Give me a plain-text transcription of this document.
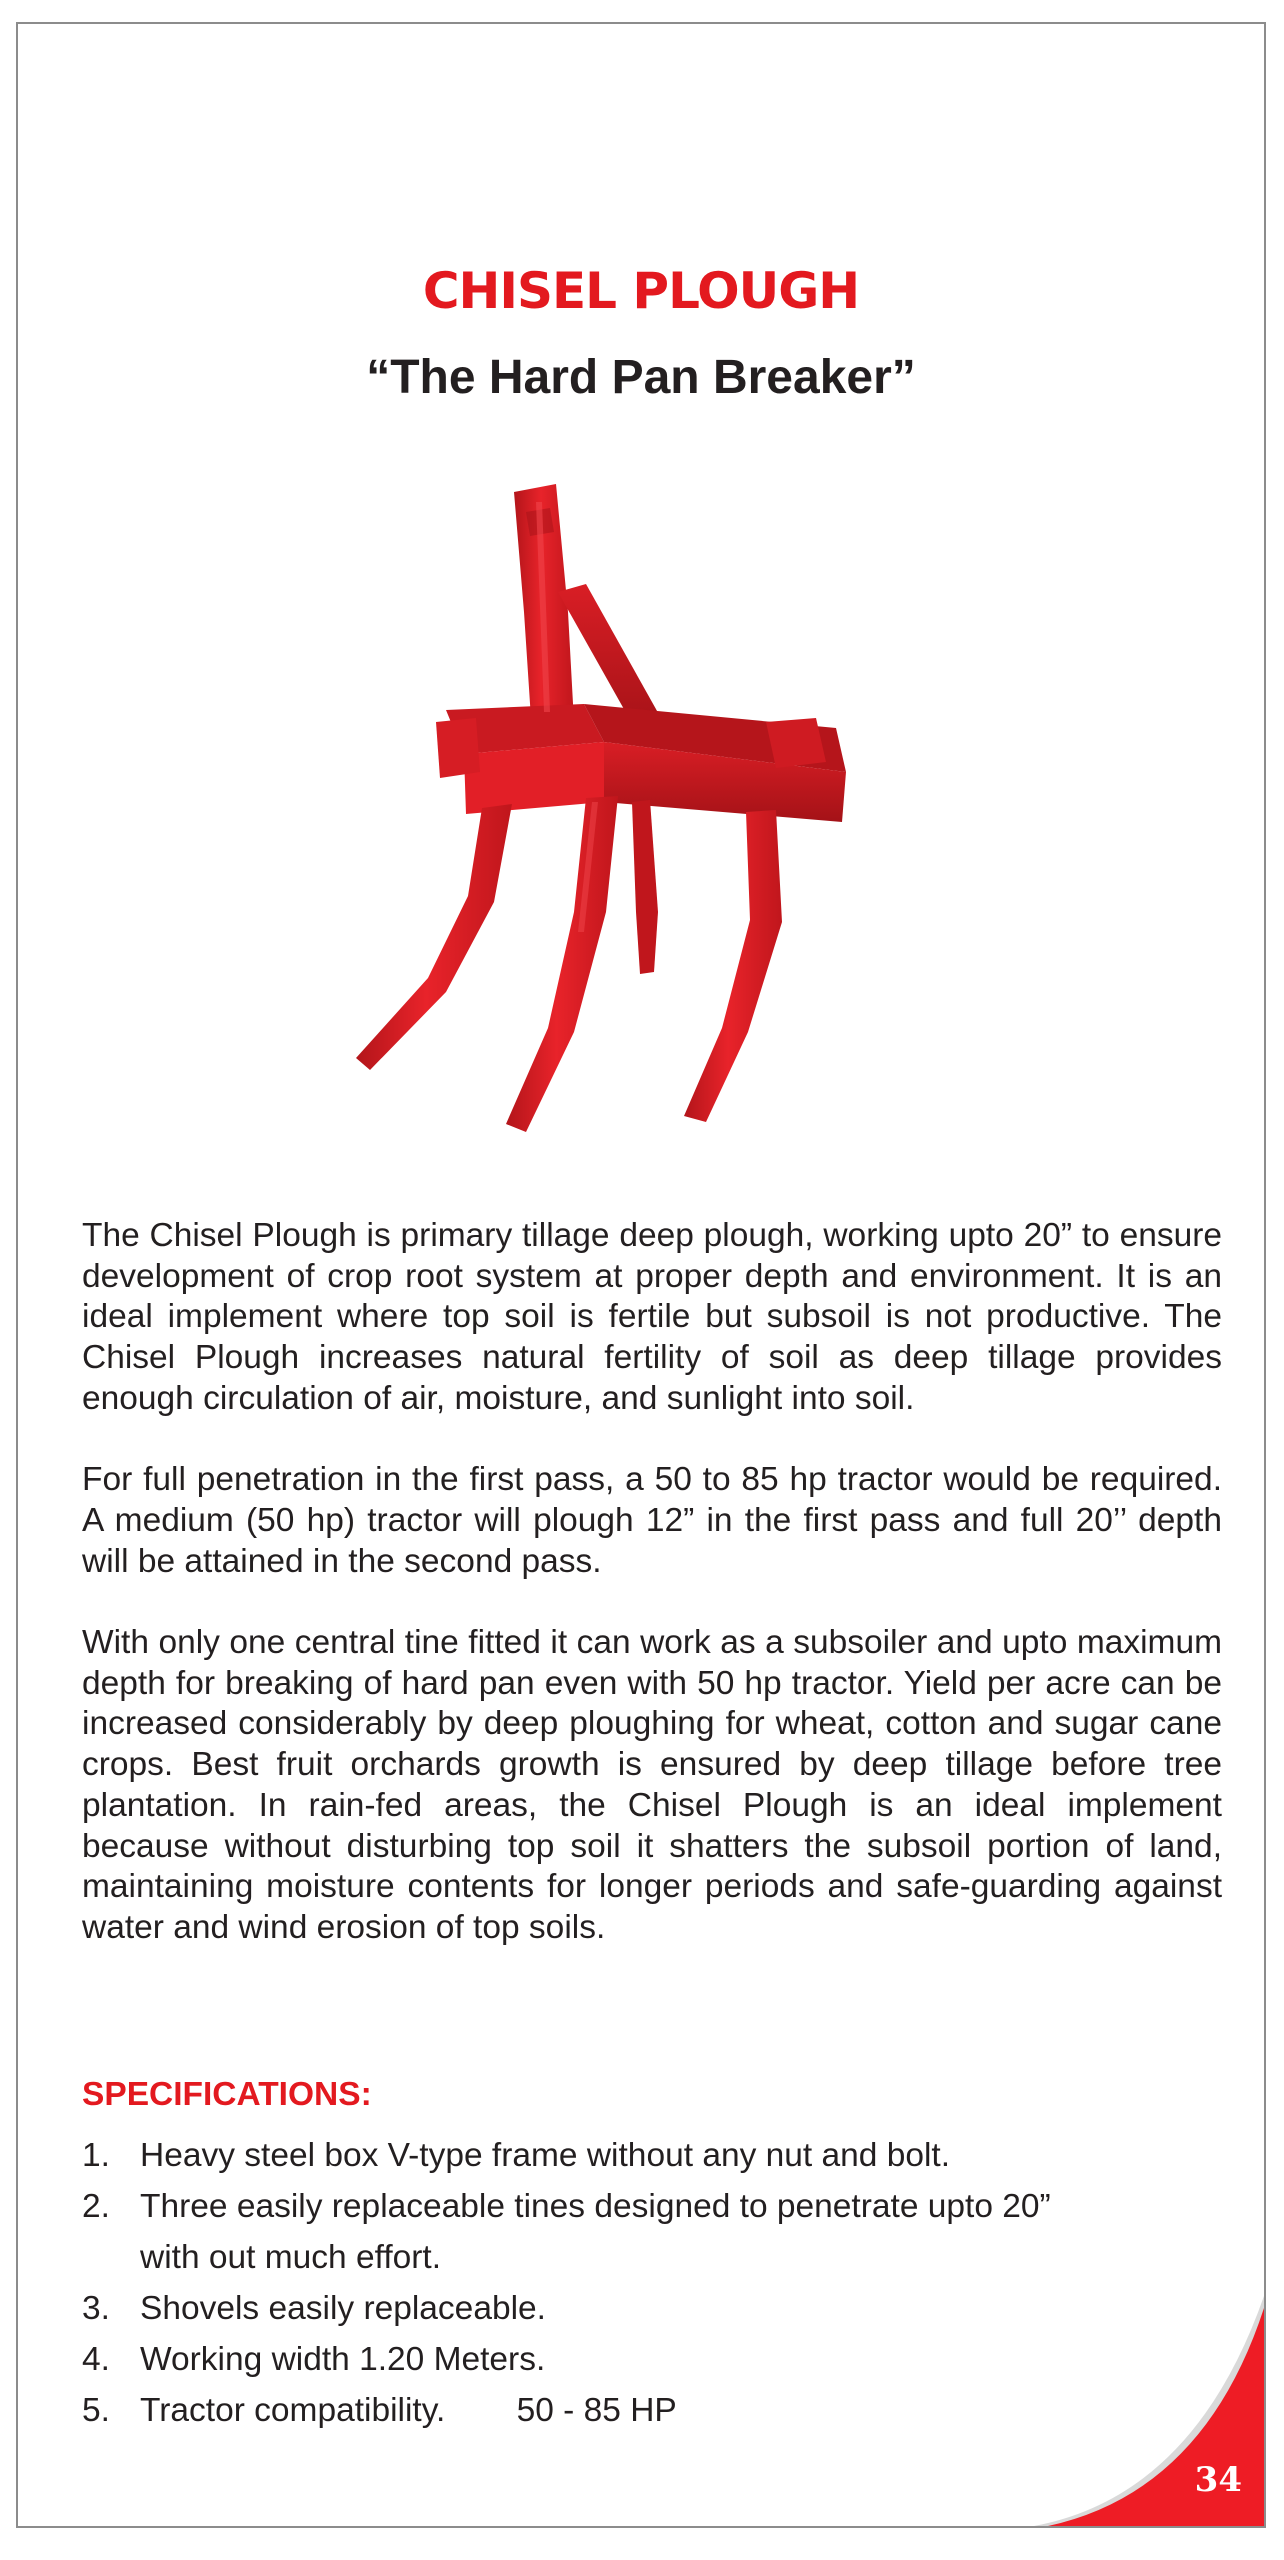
CHISEL PLOUGH
“The Hard Pan Breaker”

The Chisel Plough is primary tillage deep plough, working upto 20” to ensure development of crop root system at proper depth and environment. It is an ideal implement where top soil is fertile but subsoil is not productive. The Chisel Plough increases natural fertility of soil as deep tillage provides enough circulation of air, moisture, and sunlight into soil.

For full penetration in the first pass, a 50 to 85 hp tractor would be required. A medium (50 hp) tractor will plough 12” in the first pass and full 20’’ depth will be attained in the second pass.

With only one central tine fitted it can work as a subsoiler and upto maximum depth for breaking of hard pan even with 50 hp tractor. Yield per acre can be increased considerably by deep ploughing for wheat, cotton and sugar cane crops. Best fruit orchards growth is ensured by deep tillage before tree plantation. In rain-fed areas, the Chisel Plough is an ideal implement because without disturbing top soil it shatters the subsoil portion of land, maintaining moisture contents for longer periods and safe-guarding against water and wind erosion of top soils.

SPECIFICATIONS:
1. Heavy steel box V-type frame without any nut and bolt.
2. Three easily replaceable tines designed to penetrate upto 20” with out much effort.
3. Shovels easily replaceable.
4. Working width 1.20 Meters.
5. Tractor compatibility. 50 - 85 HP
34
